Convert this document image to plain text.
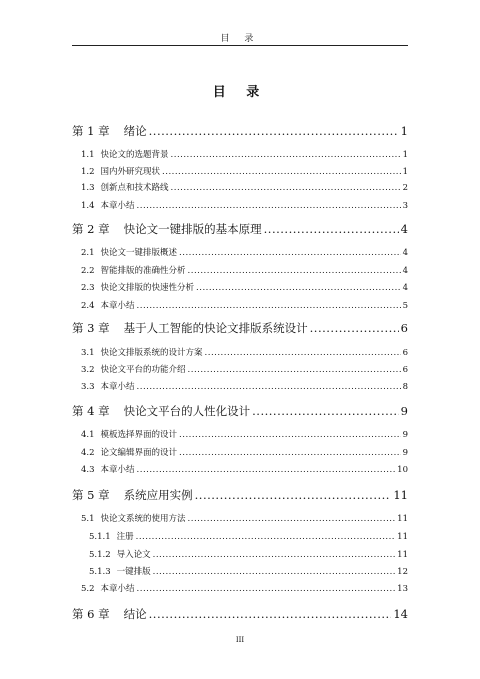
目 录
目 录
第 1 章 绪论 .....	1
1.1 快论文的选题背景 .....	1
1.2 国内外研究现状 .....	1
1.3 创新点和技术路线 .....	2
1.4 本章小结 .....	3
第 2 章 快论文一键排版的基本原理 .....	4
2.1 快论文一键排版概述 .....	4
2.2 智能排版的准确性分析 .....	4
2.3 快论文排版的快速性分析 .....	4
2.4 本章小结 .....	5
第 3 章 基于人工智能的快论文排版系统设计 .....	6
3.1 快论文排版系统的设计方案 .....	6
3.2 快论文平台的功能介绍 .....	6
3.3 本章小结 .....	8
第 4 章 快论文平台的人性化设计 .....	9
4.1 模板选择界面的设计 .....	9
4.2 论文编辑界面的设计 .....	9
4.3 本章小结 .....	10
第 5 章 系统应用实例 .....	11
5.1 快论文系统的使用方法 .....	11
5.1.1 注册 .....	11
5.1.2 导入论文 .....	11
5.1.3 一键排版 .....	12
5.2 本章小结 .....	13
第 6 章 结论 .....	14
III
